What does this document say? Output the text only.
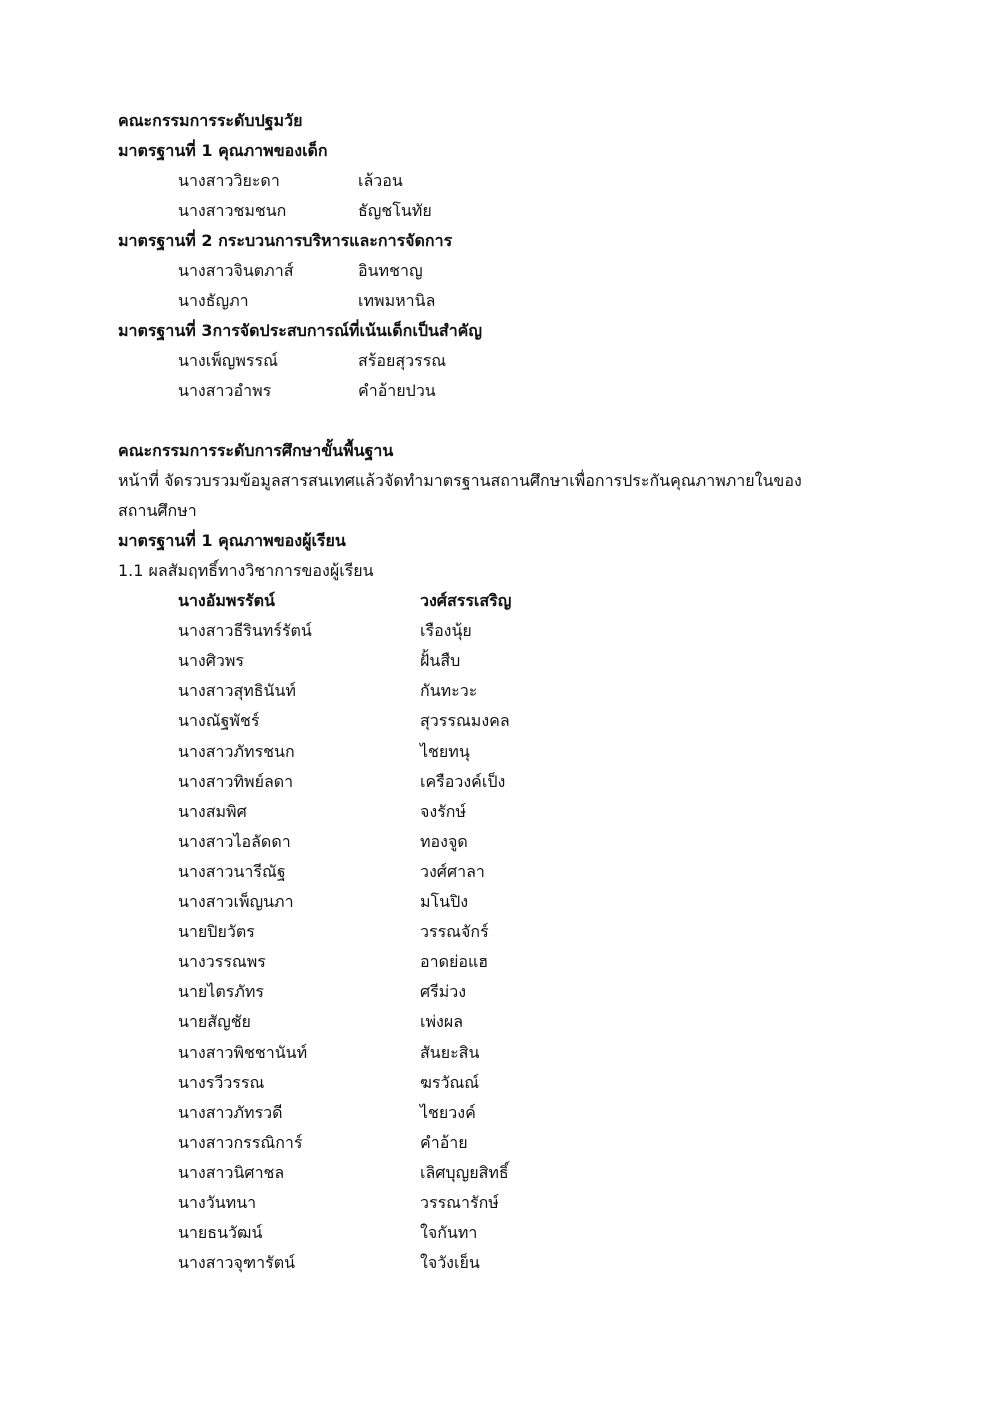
คณะกรรมการระดับปฐมวัย
มาตรฐานที่ 1 คุณภาพของเด็ก
นางสาววิยะดา	เล้วอน
นางสาวชมชนก	ธัญชโนทัย
มาตรฐานที่ 2 กระบวนการบริหารและการจัดการ
นางสาวจินตภาส์	อินทชาญ
นางธัญภา	เทพมหานิล
มาตรฐานที่ 3การจัดประสบการณ์ที่เน้นเด็กเป็นสำคัญ
นางเพ็ญพรรณ์	สร้อยสุวรรณ
นางสาวอำพร	คำอ้ายปวน
คณะกรรมการระดับการศึกษาขั้นพื้นฐาน
หน้าที่ จัดรวบรวมข้อมูลสารสนเทศแล้วจัดทำมาตรฐานสถานศึกษาเพื่อการประกันคุณภาพภายในของ
สถานศึกษา
มาตรฐานที่ 1 คุณภาพของผู้เรียน
1.1 ผลสัมฤทธิ์ทางวิชาการของผู้เรียน
นางอัมพรรัตน์	วงศ์สรรเสริญ
นางสาวธีรินทร์รัตน์	เรืองนุ้ย
นางศิวพร	ฝั้นสืบ
นางสาวสุทธินันท์	กันทะวะ
นางณัฐพัชร์	สุวรรณมงคล
นางสาวภัทรชนก	ไชยทนุ
นางสาวทิพย์ลดา	เครือวงค์เป็ง
นางสมพิศ	จงรักษ์
นางสาวไอลัดดา	ทองจูด
นางสาวนารีณัฐ	วงศ์ศาลา
นางสาวเพ็ญนภา	มโนปิง
นายปิยวัตร	วรรณจักร์
นางวรรณพร	อาดย่อแฮ
นายไตรภัทร	ศรีม่วง
นายสัญชัย	เพ่งผล
นางสาวพิชชานันท์	สันยะสิน
นางรวีวรรณ	ฆรวัณณ์
นางสาวภัทรวดี	ไชยวงค์
นางสาวกรรณิการ์	คำอ้าย
นางสาวนิศาชล	เลิศบุญยสิทธิ์
นางวันทนา	วรรณารักษ์
นายธนวัฒน์	ใจกันทา
นางสาวจุฑารัตน์	ใจวังเย็น
